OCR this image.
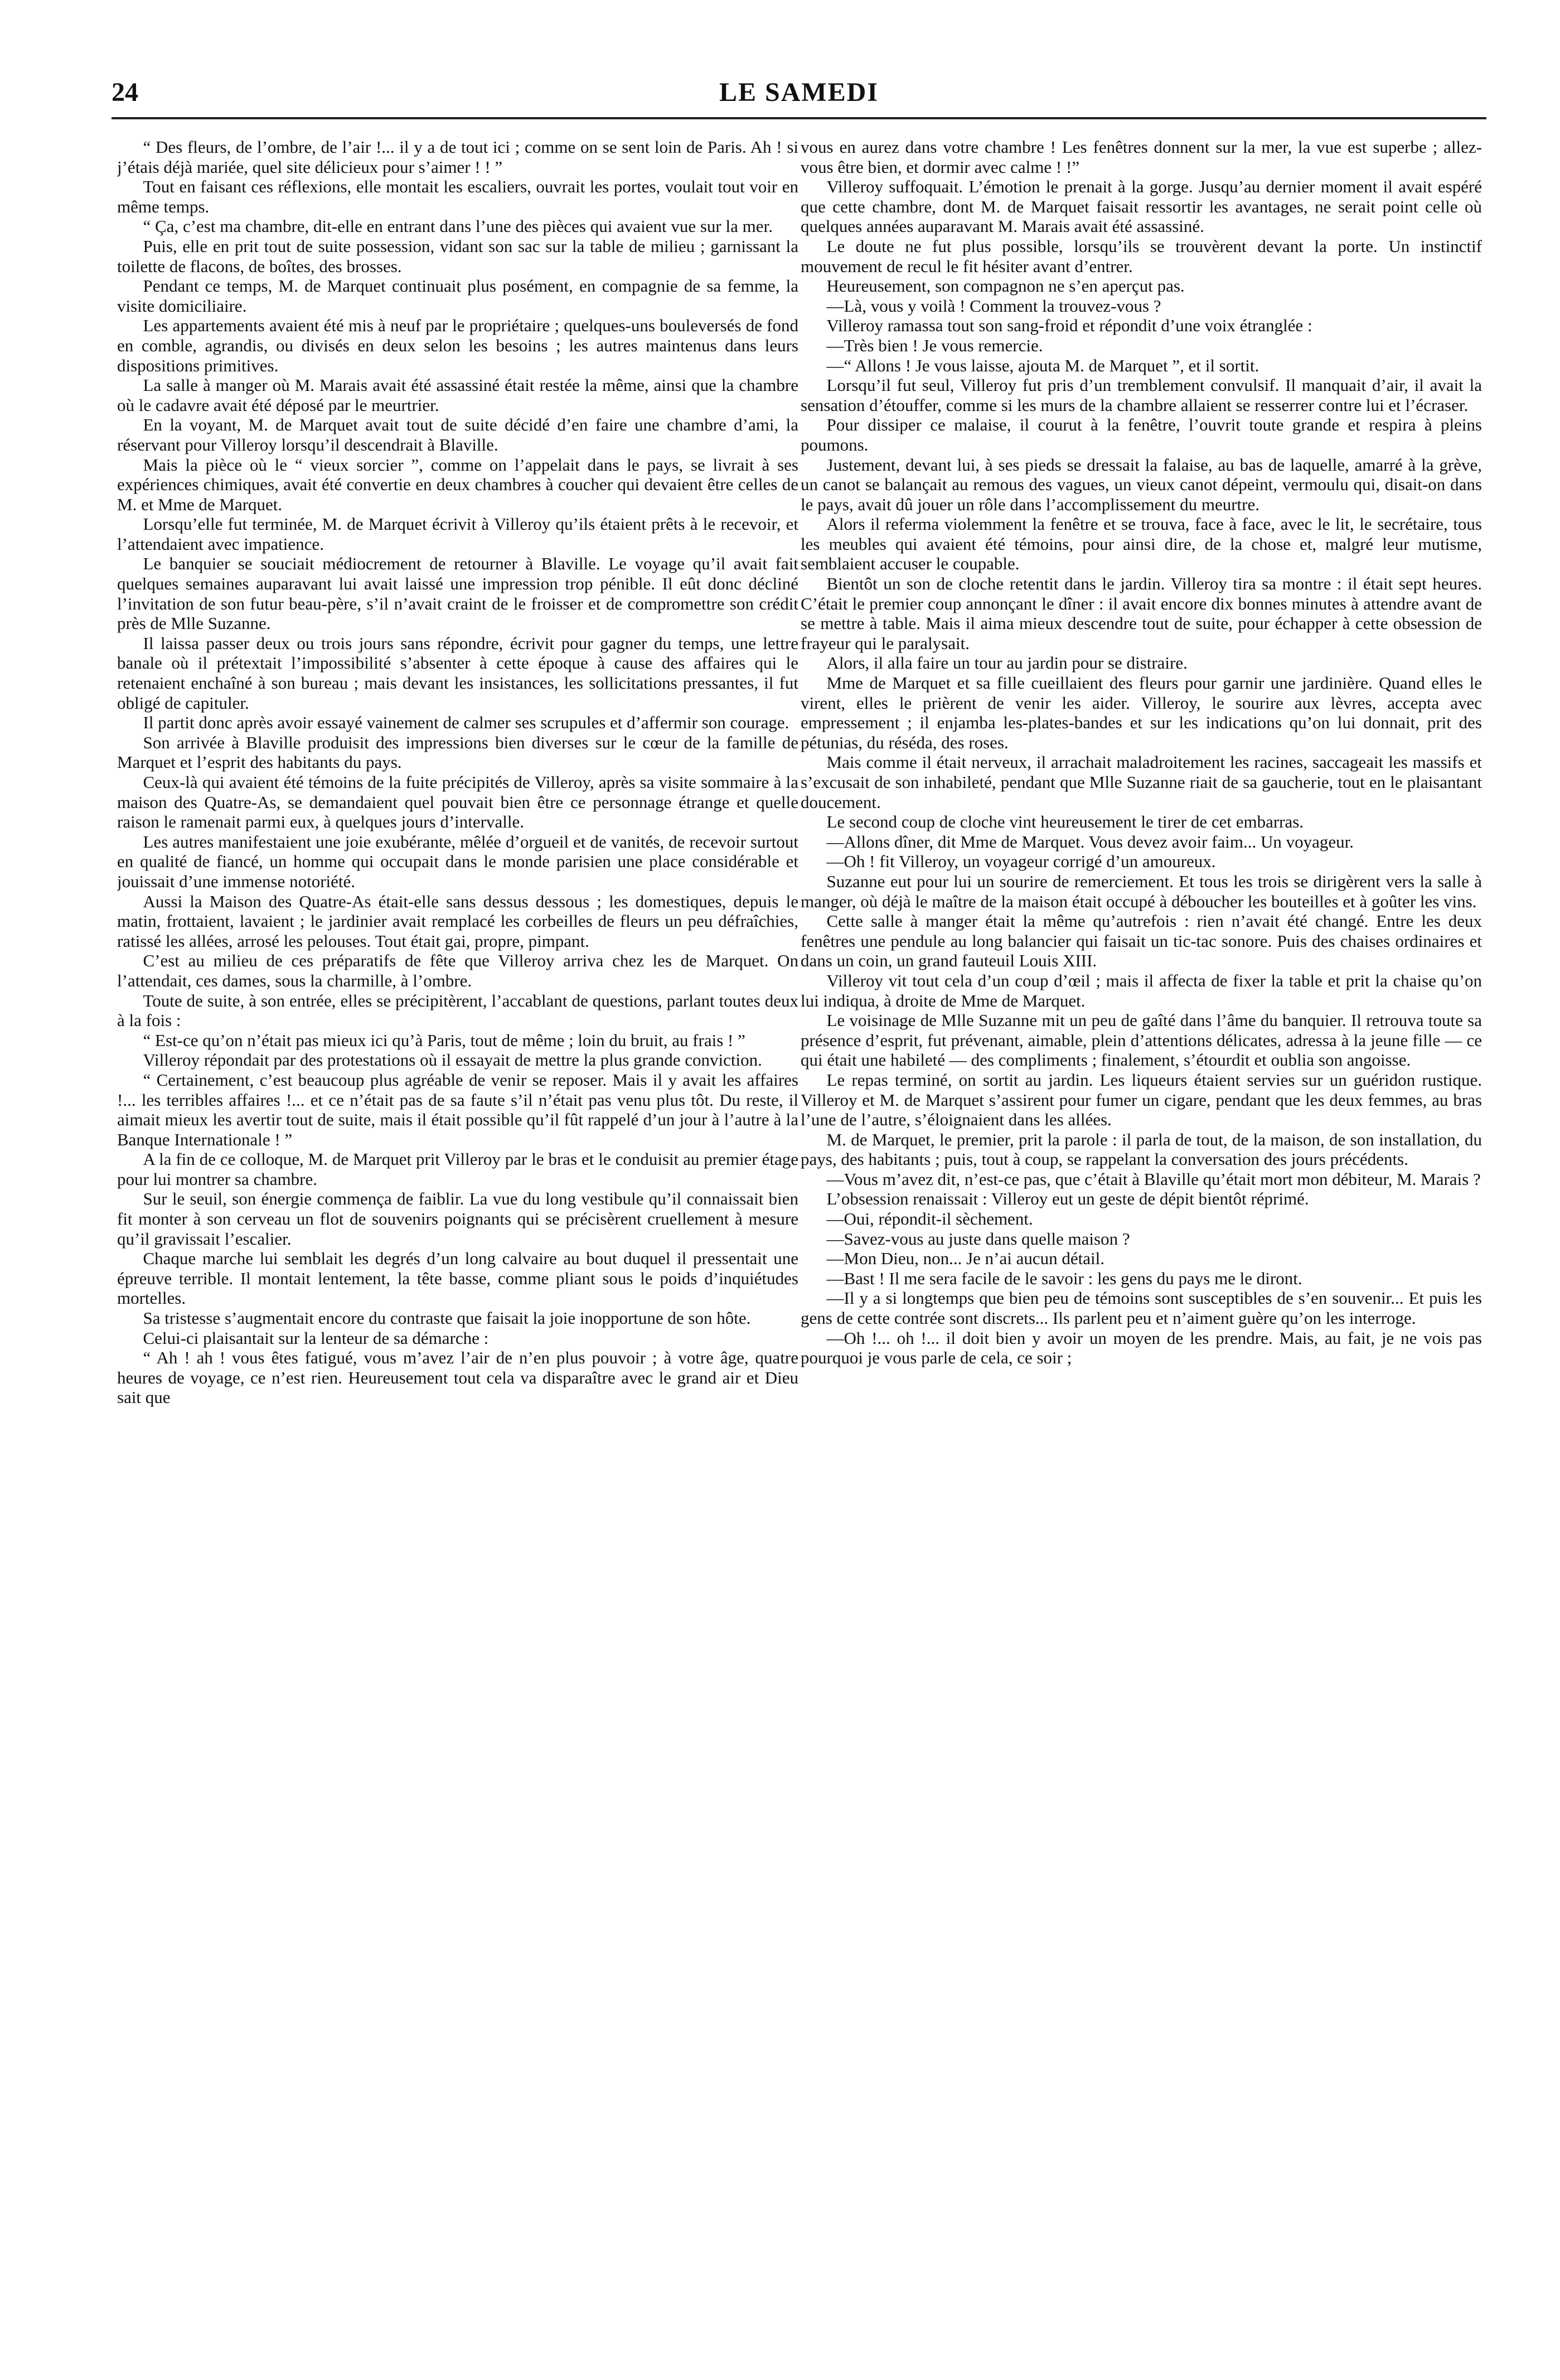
24	LE SAMEDI

“ Des fleurs, de l’ombre, de l’air !... il y a de tout ici ; comme on se sent loin de Paris. Ah ! si j’étais déjà mariée, quel site délicieux pour s’aimer ! ! ”

Tout en faisant ces réflexions, elle montait les escaliers, ouvrait les portes, voulait tout voir en même temps.

“ Ça, c’est ma chambre, dit-elle en entrant dans l’une des pièces qui avaient vue sur la mer.

Puis, elle en prit tout de suite possession, vidant son sac sur la table de milieu ; garnissant la toilette de flacons, de boîtes, des brosses.

Pendant ce temps, M. de Marquet continuait plus posément, en compagnie de sa femme, la visite domiciliaire.

Les appartements avaient été mis à neuf par le propriétaire ; quelques-uns bouleversés de fond en comble, agrandis, ou divisés en deux selon les besoins ; les autres maintenus dans leurs dispositions primitives.

La salle à manger où M. Marais avait été assassiné était restée la même, ainsi que la chambre où le cadavre avait été déposé par le meurtrier.

En la voyant, M. de Marquet avait tout de suite décidé d’en faire une chambre d’ami, la réservant pour Villeroy lorsqu’il descendrait à Blaville.

Mais la pièce où le “ vieux sorcier ”, comme on l’appelait dans le pays, se livrait à ses expériences chimiques, avait été convertie en deux chambres à coucher qui devaient être celles de M. et Mme de Marquet.

Lorsqu’elle fut terminée, M. de Marquet écrivit à Villeroy qu’ils étaient prêts à le recevoir, et l’attendaient avec impatience.

Le banquier se souciait médiocrement de retourner à Blaville. Le voyage qu’il avait fait quelques semaines auparavant lui avait laissé une impression trop pénible. Il eût donc décliné l’invitation de son futur beau-père, s’il n’avait craint de le froisser et de compromettre son crédit près de Mlle Suzanne.

Il laissa passer deux ou trois jours sans répondre, écrivit pour gagner du temps, une lettre banale où il prétextait l’impossibilité s’absenter à cette époque à cause des affaires qui le retenaient enchaîné à son bureau ; mais devant les insistances, les sollicitations pressantes, il fut obligé de capituler.

Il partit donc après avoir essayé vainement de calmer ses scrupules et d’affermir son courage.

Son arrivée à Blaville produisit des impressions bien diverses sur le cœur de la famille de Marquet et l’esprit des habitants du pays.

Ceux-là qui avaient été témoins de la fuite précipités de Villeroy, après sa visite sommaire à la maison des Quatre-As, se demandaient quel pouvait bien être ce personnage étrange et quelle raison le ramenait parmi eux, à quelques jours d’intervalle.

Les autres manifestaient une joie exubérante, mêlée d’orgueil et de vanités, de recevoir surtout en qualité de fiancé, un homme qui occupait dans le monde parisien une place considérable et jouissait d’une immense notoriété.

Aussi la Maison des Quatre-As était-elle sans dessus dessous ; les domestiques, depuis le matin, frottaient, lavaient ; le jardinier avait remplacé les corbeilles de fleurs un peu défraîchies, ratissé les allées, arrosé les pelouses. Tout était gai, propre, pimpant.

C’est au milieu de ces préparatifs de fête que Villeroy arriva chez les de Marquet. On l’attendait, ces dames, sous la charmille, à l’ombre.

Toute de suite, à son entrée, elles se précipitèrent, l’accablant de questions, parlant toutes deux à la fois :

“ Est-ce qu’on n’était pas mieux ici qu’à Paris, tout de même ; loin du bruit, au frais ! ”

Villeroy répondait par des protestations où il essayait de mettre la plus grande conviction.

“ Certainement, c’est beaucoup plus agréable de venir se reposer. Mais il y avait les affaires !... les terribles affaires !... et ce n’était pas de sa faute s’il n’était pas venu plus tôt. Du reste, il aimait mieux les avertir tout de suite, mais il était possible qu’il fût rappelé d’un jour à l’autre à la Banque Internationale ! ”

A la fin de ce colloque, M. de Marquet prit Villeroy par le bras et le conduisit au premier étage pour lui montrer sa chambre.

Sur le seuil, son énergie commença de faiblir. La vue du long vestibule qu’il connaissait bien fit monter à son cerveau un flot de souvenirs poignants qui se précisèrent cruellement à mesure qu’il gravissait l’escalier.

Chaque marche lui semblait les degrés d’un long calvaire au bout duquel il pressentait une épreuve terrible. Il montait lentement, la tête basse, comme pliant sous le poids d’inquiétudes mortelles.

Sa tristesse s’augmentait encore du contraste que faisait la joie inopportune de son hôte.

Celui-ci plaisantait sur la lenteur de sa démarche :

“ Ah ! ah ! vous êtes fatigué, vous m’avez l’air de n’en plus pouvoir ; à votre âge, quatre heures de voyage, ce n’est rien. Heureusement tout cela va disparaître avec le grand air et Dieu sait que

vous en aurez dans votre chambre ! Les fenêtres donnent sur la mer, la vue est superbe ; allez-vous être bien, et dormir avec calme ! !”

Villeroy suffoquait. L’émotion le prenait à la gorge. Jusqu’au dernier moment il avait espéré que cette chambre, dont M. de Marquet faisait ressortir les avantages, ne serait point celle où quelques années auparavant M. Marais avait été assassiné.

Le doute ne fut plus possible, lorsqu’ils se trouvèrent devant la porte. Un instinctif mouvement de recul le fit hésiter avant d’entrer.

Heureusement, son compagnon ne s’en aperçut pas.

—Là, vous y voilà ! Comment la trouvez-vous ?

Villeroy ramassa tout son sang-froid et répondit d’une voix étranglée :

—Très bien ! Je vous remercie.

—“ Allons ! Je vous laisse, ajouta M. de Marquet ”, et il sortit.

Lorsqu’il fut seul, Villeroy fut pris d’un tremblement convulsif. Il manquait d’air, il avait la sensation d’étouffer, comme si les murs de la chambre allaient se resserrer contre lui et l’écraser.

Pour dissiper ce malaise, il courut à la fenêtre, l’ouvrit toute grande et respira à pleins poumons.

Justement, devant lui, à ses pieds se dressait la falaise, au bas de laquelle, amarré à la grève, un canot se balançait au remous des vagues, un vieux canot dépeint, vermoulu qui, disait-on dans le pays, avait dû jouer un rôle dans l’accomplissement du meurtre.

Alors il referma violemment la fenêtre et se trouva, face à face, avec le lit, le secrétaire, tous les meubles qui avaient été témoins, pour ainsi dire, de la chose et, malgré leur mutisme, semblaient accuser le coupable.

Bientôt un son de cloche retentit dans le jardin. Villeroy tira sa montre : il était sept heures. C’était le premier coup annonçant le dîner : il avait encore dix bonnes minutes à attendre avant de se mettre à table. Mais il aima mieux descendre tout de suite, pour échapper à cette obsession de frayeur qui le paralysait.

Alors, il alla faire un tour au jardin pour se distraire.

Mme de Marquet et sa fille cueillaient des fleurs pour garnir une jardinière. Quand elles le virent, elles le prièrent de venir les aider. Villeroy, le sourire aux lèvres, accepta avec empressement ; il enjamba les-plates-bandes et sur les indications qu’on lui donnait, prit des pétunias, du réséda, des roses.

Mais comme il était nerveux, il arrachait maladroitement les racines, saccageait les massifs et s’excusait de son inhabileté, pendant que Mlle Suzanne riait de sa gaucherie, tout en le plaisantant doucement.

Le second coup de cloche vint heureusement le tirer de cet embarras.

—Allons dîner, dit Mme de Marquet. Vous devez avoir faim... Un voyageur.

—Oh ! fit Villeroy, un voyageur corrigé d’un amoureux.

Suzanne eut pour lui un sourire de remerciement. Et tous les trois se dirigèrent vers la salle à manger, où déjà le maître de la maison était occupé à déboucher les bouteilles et à goûter les vins.

Cette salle à manger était la même qu’autrefois : rien n’avait été changé. Entre les deux fenêtres une pendule au long balancier qui faisait un tic-tac sonore. Puis des chaises ordinaires et dans un coin, un grand fauteuil Louis XIII.

Villeroy vit tout cela d’un coup d’œil ; mais il affecta de fixer la table et prit la chaise qu’on lui indiqua, à droite de Mme de Marquet.

Le voisinage de Mlle Suzanne mit un peu de gaîté dans l’âme du banquier. Il retrouva toute sa présence d’esprit, fut prévenant, aimable, plein d’attentions délicates, adressa à la jeune fille — ce qui était une habileté — des compliments ; finalement, s’étourdit et oublia son angoisse.

Le repas terminé, on sortit au jardin. Les liqueurs étaient servies sur un guéridon rustique. Villeroy et M. de Marquet s’assirent pour fumer un cigare, pendant que les deux femmes, au bras l’une de l’autre, s’éloignaient dans les allées.

M. de Marquet, le premier, prit la parole : il parla de tout, de la maison, de son installation, du pays, des habitants ; puis, tout à coup, se rappelant la conversation des jours précédents.

—Vous m’avez dit, n’est-ce pas, que c’était à Blaville qu’était mort mon débiteur, M. Marais ?

L’obsession renaissait : Villeroy eut un geste de dépit bientôt réprimé.

—Oui, répondit-il sèchement.

—Savez-vous au juste dans quelle maison ?

—Mon Dieu, non... Je n’ai aucun détail.

—Bast ! Il me sera facile de le savoir : les gens du pays me le diront.

—Il y a si longtemps que bien peu de témoins sont susceptibles de s’en souvenir... Et puis les gens de cette contrée sont discrets... Ils parlent peu et n’aiment guère qu’on les interroge.

—Oh !... oh !... il doit bien y avoir un moyen de les prendre. Mais, au fait, je ne vois pas pourquoi je vous parle de cela, ce soir ;
